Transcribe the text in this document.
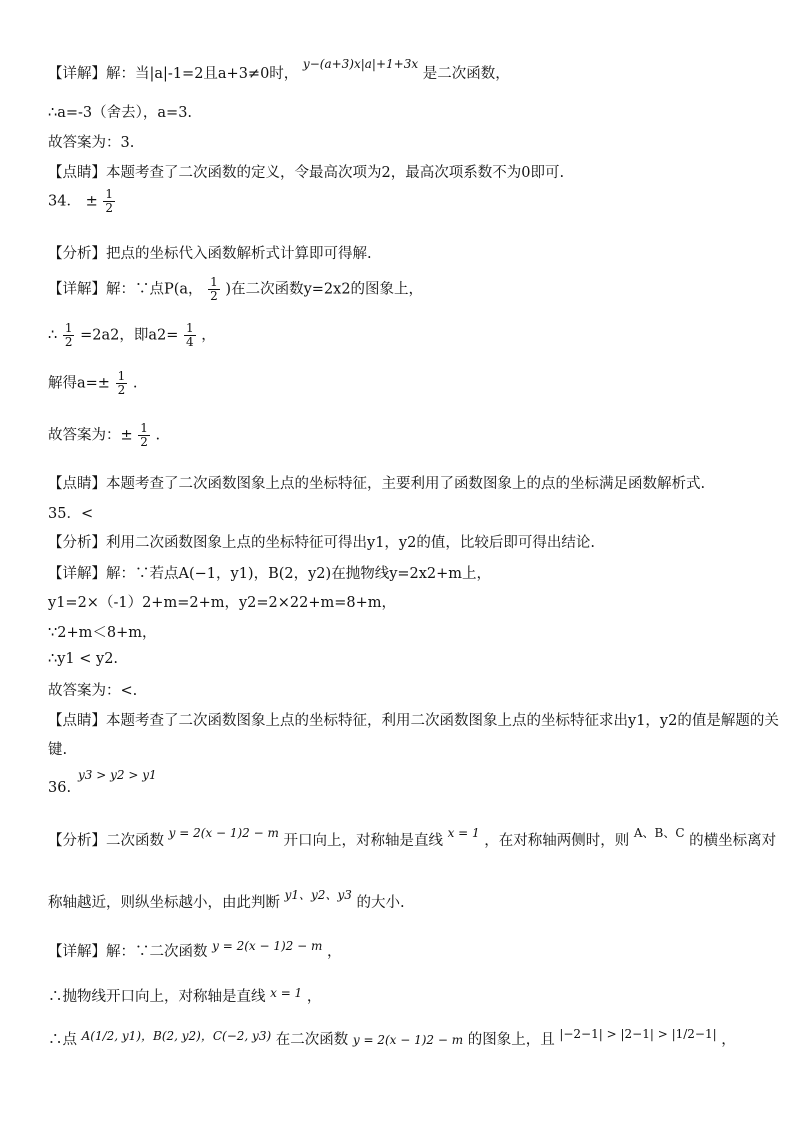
【详解】解：当|a|-1=2且a+3≠0时， $^{y-(a+3)x|a|+1+3x}$ 是二次函数，
∴a=-3（舍去），a=3.
故答案为：3.
【点睛】本题考查了二次函数的定义，令最高次项为2，最高次项系数不为0即可.
34． ± $\frac{1}{2}$
【分析】把点的坐标代入函数解析式计算即可得解.
【详解】解：∵点P(a， $\frac{1}{2}$ )在二次函数y=2x2的图象上，
∴ $\frac{1}{2} =2a2$，即$a2= \frac{1}{4}$ ，
解得$a=\pm \frac{1}{2}$ .
故答案为：± $\frac{1}{2}$ .
【点睛】本题考查了二次函数图象上点的坐标特征，主要利用了函数图象上的点的坐标满足函数解析式.
35．<
【分析】利用二次函数图象上点的坐标特征可得出y1，y2的值，比较后即可得出结论.
【详解】解：∵若点A(−1，y1)，B(2，y2)在抛物线y=2x2+m上，
y1=2×（-1）2+m=2+m，y2=2×22+m=8+m，
∵2+m＜8+m，
∴y1 < y2.
故答案为：<.
【点睛】本题考查了二次函数图象上点的坐标特征，利用二次函数图象上点的坐标特征求出y1，y2的值是解题的关
键.
y3 > y2 > y1
36.
【分析】二次函数 $^{y = 2(x - 1)2 - m}$ 开口向上，对称轴是直线 $^{x = 1}$ ，在对称轴两侧时，则 $^{A、B、C}$ 的横坐标离对
称轴越近，则纵坐标越小，由此判断 $^{y1、y2、y3}$ 的大小.
【详解】解：∵二次函数 $^{y = 2(x - 1)2 - m}$ ，
∴抛物线开口向上，对称轴是直线 $^{x = 1}$ ，
∴点 $^{A(1/2, y1),B(2, y2),C(-2, y3)}$ 在二次函数 y = 2(x − 1)2 − m 的图象上，且 $^{|-2-1| > |2-1| > |1/2-1|}$ ，
